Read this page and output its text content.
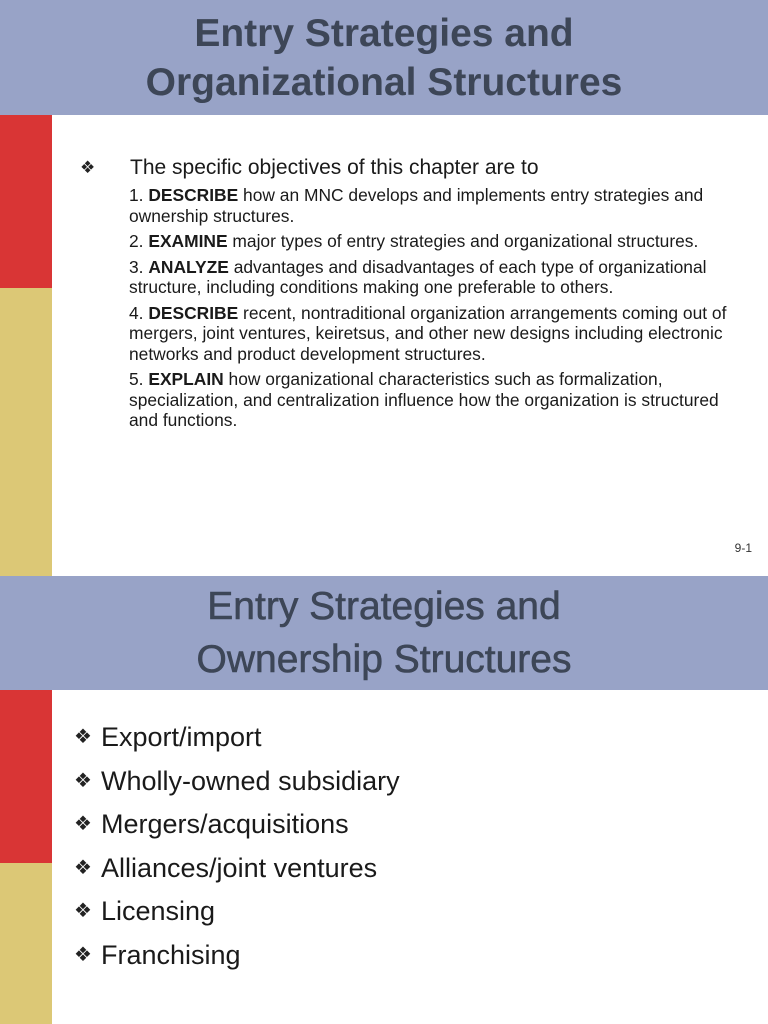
Entry Strategies and
Organizational Structures
❖ The specific objectives of this chapter are to

1. DESCRIBE how an MNC develops and implements entry strategies and ownership structures.

2. EXAMINE major types of entry strategies and organizational structures.

3. ANALYZE advantages and disadvantages of each type of organizational structure, including conditions making one preferable to others.

4. DESCRIBE recent, nontraditional organization arrangements coming out of mergers, joint ventures, keiretsus, and other new designs including electronic networks and product development structures.

5. EXPLAIN how organizational characteristics such as formalization, specialization, and centralization influence how the organization is structured and functions.

9-1
Entry Strategies and
Ownership Structures
❖ Export/import
❖ Wholly-owned subsidiary
❖ Mergers/acquisitions
❖ Alliances/joint ventures
❖ Licensing
❖ Franchising
